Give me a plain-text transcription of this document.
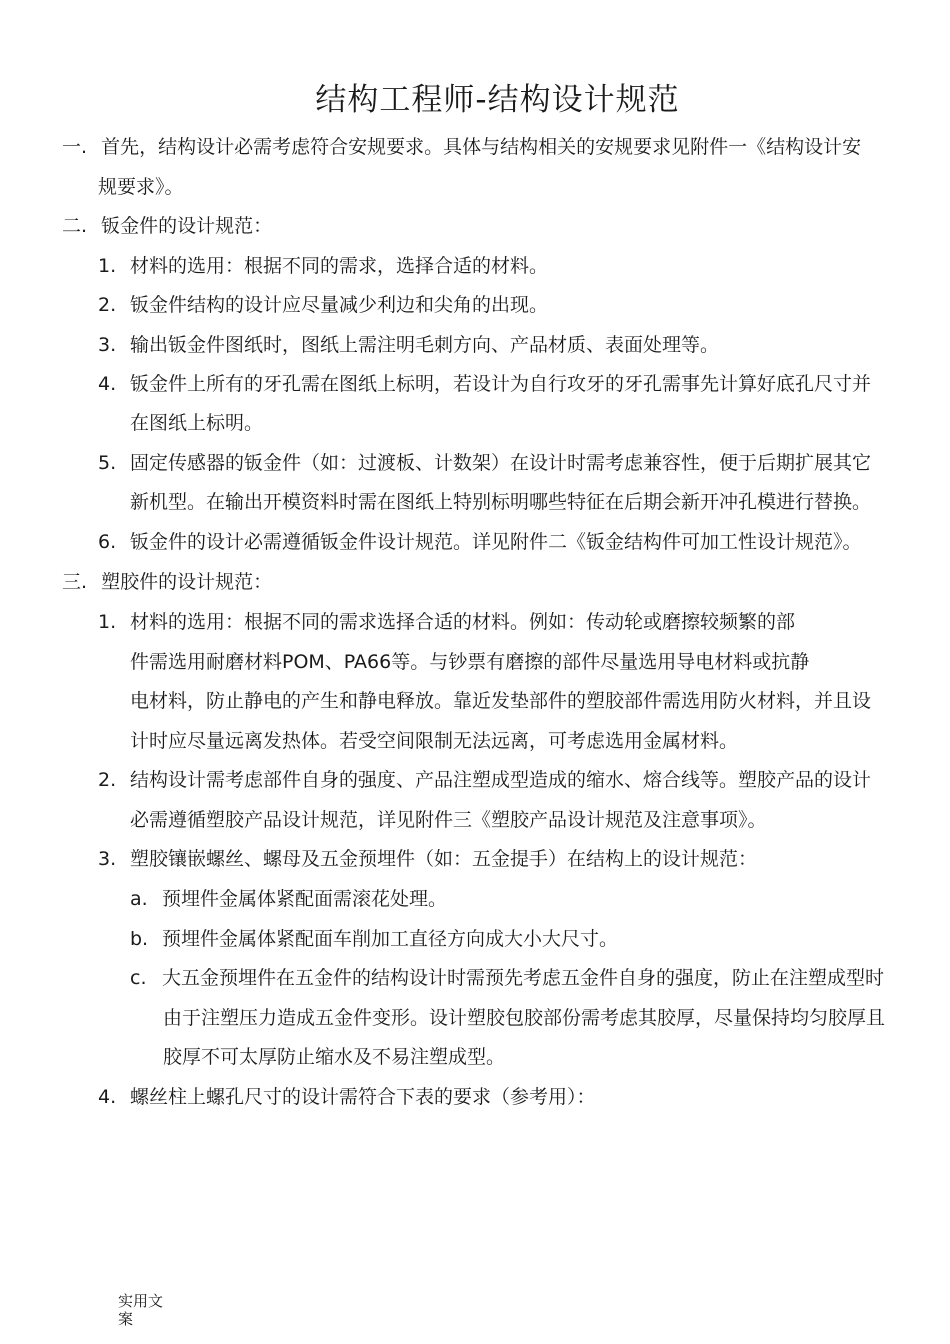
结构工程师-结构设计规范
一. 首先，结构设计必需考虑符合安规要求。具体与结构相关的安规要求见附件一《结构设计安
规要求》。
二. 钣金件的设计规范：
1. 材料的选用：根据不同的需求，选择合适的材料。
2. 钣金件结构的设计应尽量减少利边和尖角的出现。
3. 输出钣金件图纸时，图纸上需注明毛刺方向、产品材质、表面处理等。
4. 钣金件上所有的牙孔需在图纸上标明，若设计为自行攻牙的牙孔需事先计算好底孔尺寸并
在图纸上标明。
5. 固定传感器的钣金件（如：过渡板、计数架）在设计时需考虑兼容性，便于后期扩展其它
新机型。在输出开模资料时需在图纸上特别标明哪些特征在后期会新开冲孔模进行替换。
6. 钣金件的设计必需遵循钣金件设计规范。详见附件二《钣金结构件可加工性设计规范》。
三. 塑胶件的设计规范：
1. 材料的选用：根据不同的需求选择合适的材料。例如：传动轮或磨擦较频繁的部
件需选用耐磨材料POM、PA66等。与钞票有磨擦的部件尽量选用导电材料或抗静
电材料，防止静电的产生和静电释放。靠近发垫部件的塑胶部件需选用防火材料，并且设
计时应尽量远离发热体。若受空间限制无法远离，可考虑选用金属材料。
2. 结构设计需考虑部件自身的强度、产品注塑成型造成的缩水、熔合线等。塑胶产品的设计
必需遵循塑胶产品设计规范，详见附件三《塑胶产品设计规范及注意事项》。
3. 塑胶镶嵌螺丝、螺母及五金预埋件（如：五金提手）在结构上的设计规范：
a. 预埋件金属体紧配面需滚花处理。
b. 预埋件金属体紧配面车削加工直径方向成大小大尺寸。
c. 大五金预埋件在五金件的结构设计时需预先考虑五金件自身的强度，防止在注塑成型时
由于注塑压力造成五金件变形。设计塑胶包胶部份需考虑其胶厚，尽量保持均匀胶厚且
胶厚不可太厚防止缩水及不易注塑成型。
4. 螺丝柱上螺孔尺寸的设计需符合下表的要求（参考用）：
实用文
案
